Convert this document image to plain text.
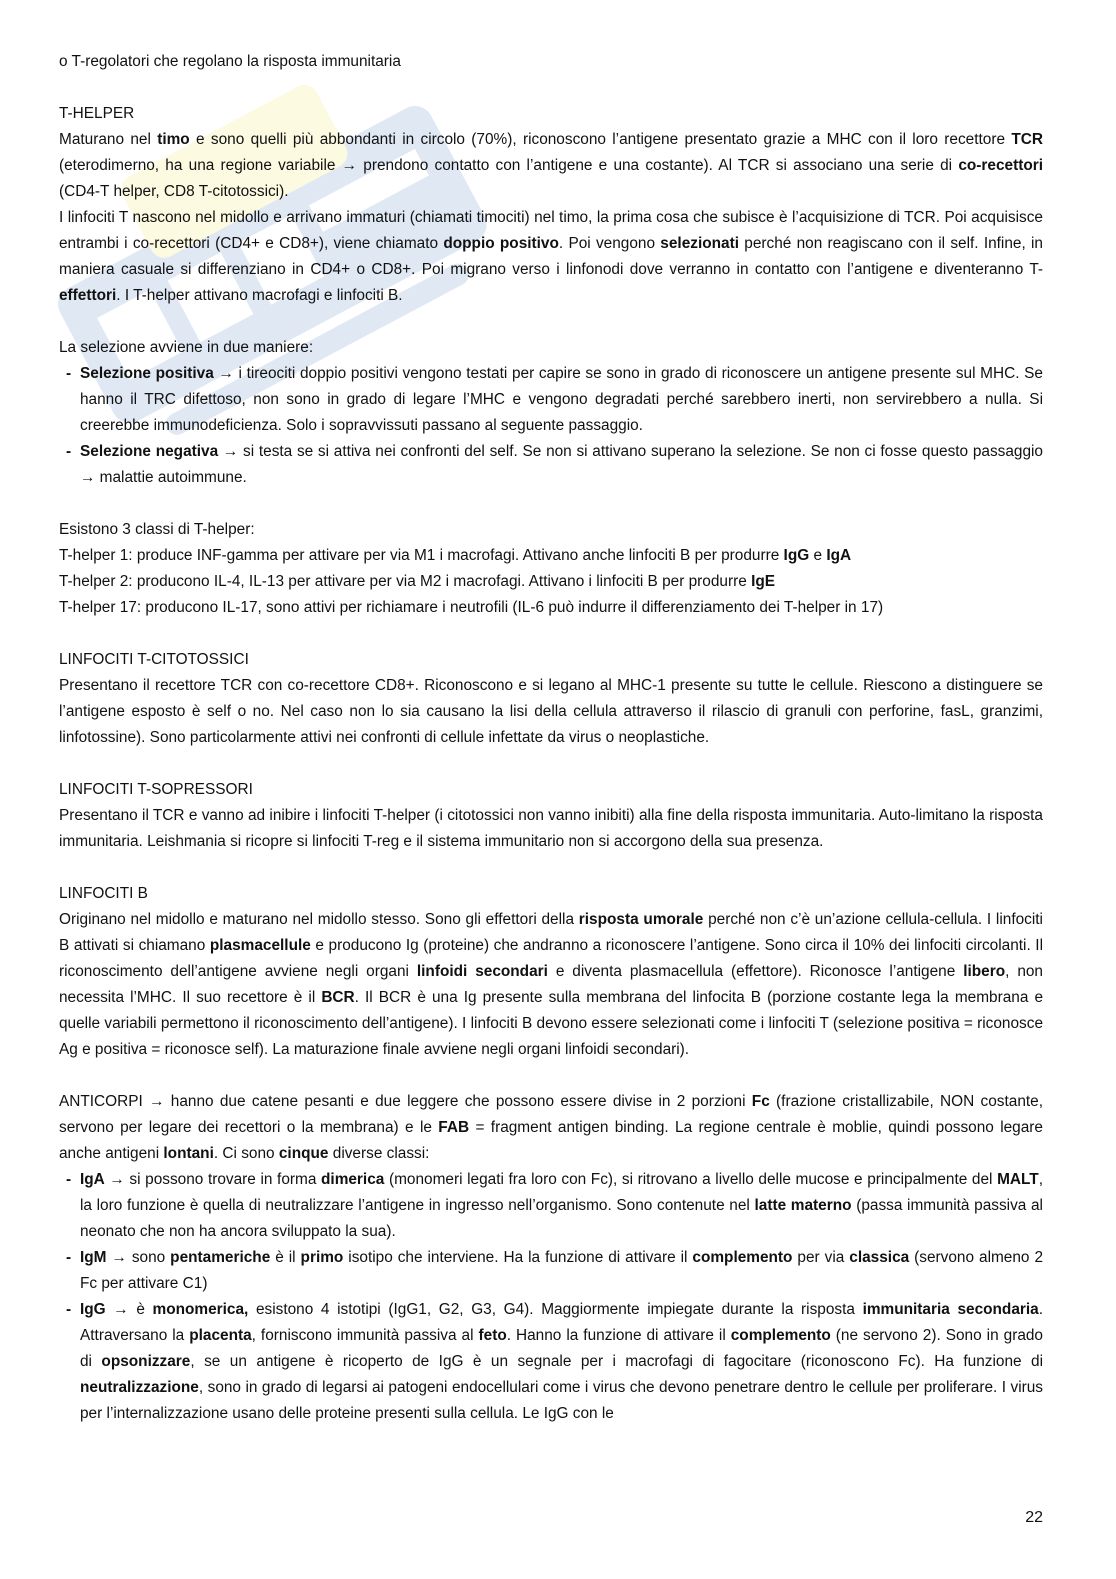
o T-regolatori che regolano la risposta immunitaria

T-HELPER

Maturano nel timo e sono quelli più abbondanti in circolo (70%), riconoscono l’antigene presentato grazie a MHC con il loro recettore TCR (eterodimerno, ha una regione variabile → prendono contatto con l’antigene e una costante). Al TCR si associano una serie di co-recettori (CD4-T helper, CD8 T-citotossici).

I linfociti T nascono nel midollo e arrivano immaturi (chiamati timociti) nel timo, la prima cosa che subisce è l’acquisizione di TCR. Poi acquisisce entrambi i co-recettori (CD4+ e CD8+), viene chiamato doppio positivo. Poi vengono selezionati perché non reagiscano con il self. Infine, in maniera casuale si differenziano in CD4+ o CD8+. Poi migrano verso i linfonodi dove verranno in contatto con l’antigene e diventeranno T-effettori. I T-helper attivano macrofagi e linfociti B.

La selezione avviene in due maniere:

- Selezione positiva → i tireociti doppio positivi vengono testati per capire se sono in grado di riconoscere un antigene presente sul MHC. Se hanno il TRC difettoso, non sono in grado di legare l’MHC e vengono degradati perché sarebbero inerti, non servirebbero a nulla. Si creerebbe immunodeficienza. Solo i sopravvissuti passano al seguente passaggio.

- Selezione negativa → si testa se si attiva nei confronti del self. Se non si attivano superano la selezione. Se non ci fosse questo passaggio → malattie autoimmune.

Esistono 3 classi di T-helper:

T-helper 1: produce INF-gamma per attivare per via M1 i macrofagi. Attivano anche linfociti B per produrre IgG e IgA

T-helper 2: producono IL-4, IL-13 per attivare per via M2 i macrofagi. Attivano i linfociti B per produrre IgE

T-helper 17: producono IL-17, sono attivi per richiamare i neutrofili (IL-6 può indurre il differenziamento dei T-helper in 17)

LINFOCITI T-CITOTOSSICI

Presentano il recettore TCR con co-recettore CD8+. Riconoscono e si legano al MHC-1 presente su tutte le cellule. Riescono a distinguere se l’antigene esposto è self o no. Nel caso non lo sia causano la lisi della cellula attraverso il rilascio di granuli con perforine, fasL, granzimi, linfotossine). Sono particolarmente attivi nei confronti di cellule infettate da virus o neoplastiche.

LINFOCITI T-SOPRESSORI

Presentano il TCR e vanno ad inibire i linfociti T-helper (i citotossici non vanno inibiti) alla fine della risposta immunitaria. Auto-limitano la risposta immunitaria. Leishmania si ricopre si linfociti T-reg e il sistema immunitario non si accorgono della sua presenza.

LINFOCITI B

Originano nel midollo e maturano nel midollo stesso. Sono gli effettori della risposta umorale perché non c’è un’azione cellula-cellula. I linfociti B attivati si chiamano plasmacellule e producono Ig (proteine) che andranno a riconoscere l’antigene. Sono circa il 10% dei linfociti circolanti. Il riconoscimento dell’antigene avviene negli organi linfoidi secondari e diventa plasmacellula (effettore). Riconosce l’antigene libero, non necessita l’MHC. Il suo recettore è il BCR. Il BCR è una Ig presente sulla membrana del linfocita B (porzione costante lega la membrana e quelle variabili permettono il riconoscimento dell’antigene). I linfociti B devono essere selezionati come i linfociti T (selezione positiva = riconosce Ag e positiva = riconosce self). La maturazione finale avviene negli organi linfoidi secondari).

ANTICORPI → hanno due catene pesanti e due leggere che possono essere divise in 2 porzioni Fc (frazione cristallizabile, NON costante, servono per legare dei recettori o la membrana) e le FAB = fragment antigen binding. La regione centrale è moblie, quindi possono legare anche antigeni lontani. Ci sono cinque diverse classi:

- IgA → si possono trovare in forma dimerica (monomeri legati fra loro con Fc), si ritrovano a livello delle mucose e principalmente del MALT, la loro funzione è quella di neutralizzare l’antigene in ingresso nell’organismo. Sono contenute nel latte materno (passa immunità passiva al neonato che non ha ancora sviluppato la sua).

- IgM → sono pentameriche è il primo isotipo che interviene. Ha la funzione di attivare il complemento per via classica (servono almeno 2 Fc per attivare C1)

- IgG → è monomerica, esistono 4 istotipi (IgG1, G2, G3, G4). Maggiormente impiegate durante la risposta immunitaria secondaria. Attraversano la placenta, forniscono immunità passiva al feto. Hanno la funzione di attivare il complemento (ne servono 2). Sono in grado di opsonizzare, se un antigene è ricoperto de IgG è un segnale per i macrofagi di fagocitare (riconoscono Fc). Ha funzione di neutralizzazione, sono in grado di legarsi ai patogeni endocellulari come i virus che devono penetrare dentro le cellule per proliferare. I virus per l’internalizzazione usano delle proteine presenti sulla cellula. Le IgG con le

22
